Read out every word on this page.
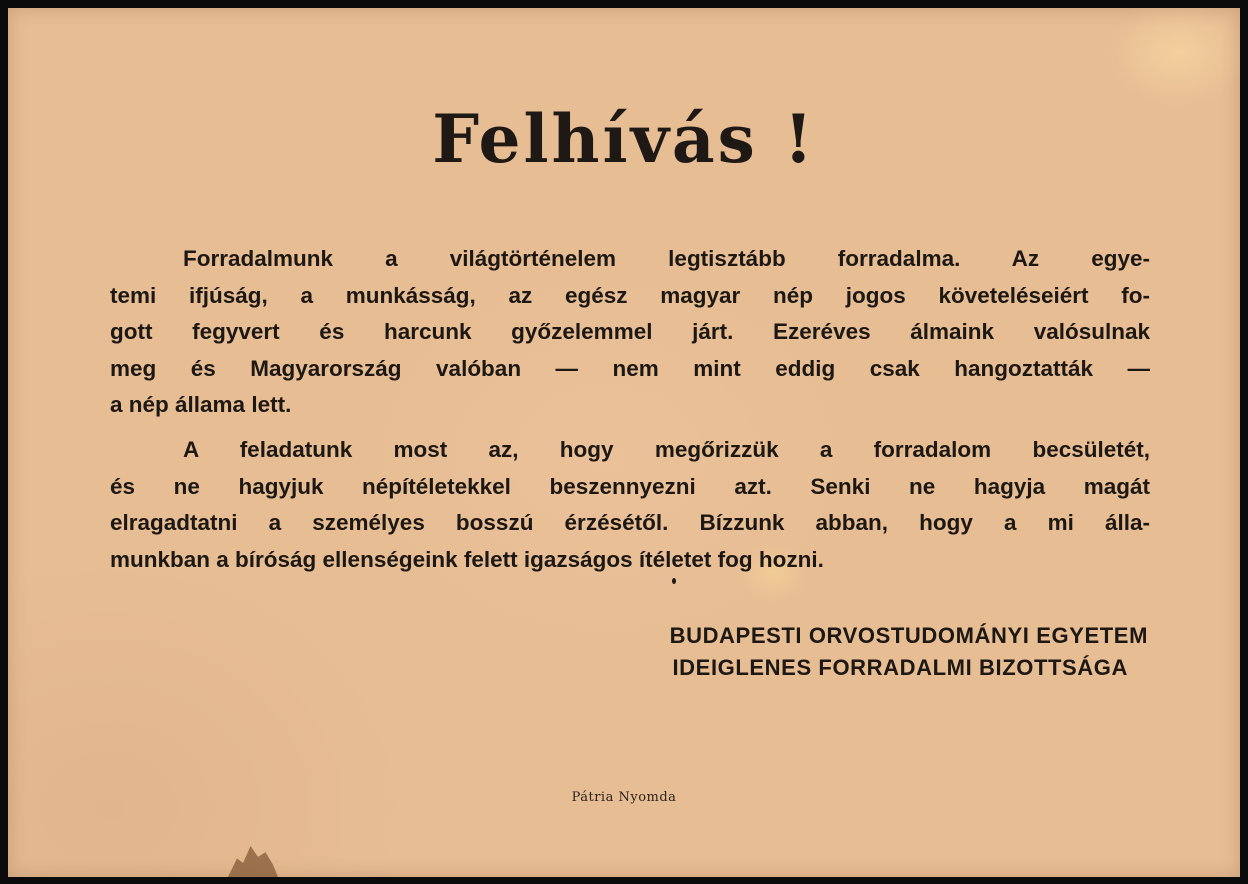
Felhívás !
Forradalmunk a világtörténelem legtisztább forradalma. Az egye-
temi ifjúság, a munkásság, az egész magyar nép jogos követeléseiért fo-
gott fegyvert és harcunk győzelemmel járt. Ezeréves álmaink valósulnak
meg és Magyarország valóban — nem mint eddig csak hangoztatták —
a nép állama lett.
A feladatunk most az, hogy megőrizzük a forradalom becsületét,
és ne hagyjuk népítéletekkel beszennyezni azt. Senki ne hagyja magát
elragadtatni a személyes bosszú érzésétől. Bízzunk abban, hogy a mi álla-
munkban a bíróság ellenségeink felett igazságos ítéletet fog hozni.
BUDAPESTI ORVOSTUDOMÁNYI EGYETEM
IDEIGLENES FORRADALMI BIZOTTSÁGA
Pátria Nyomda
